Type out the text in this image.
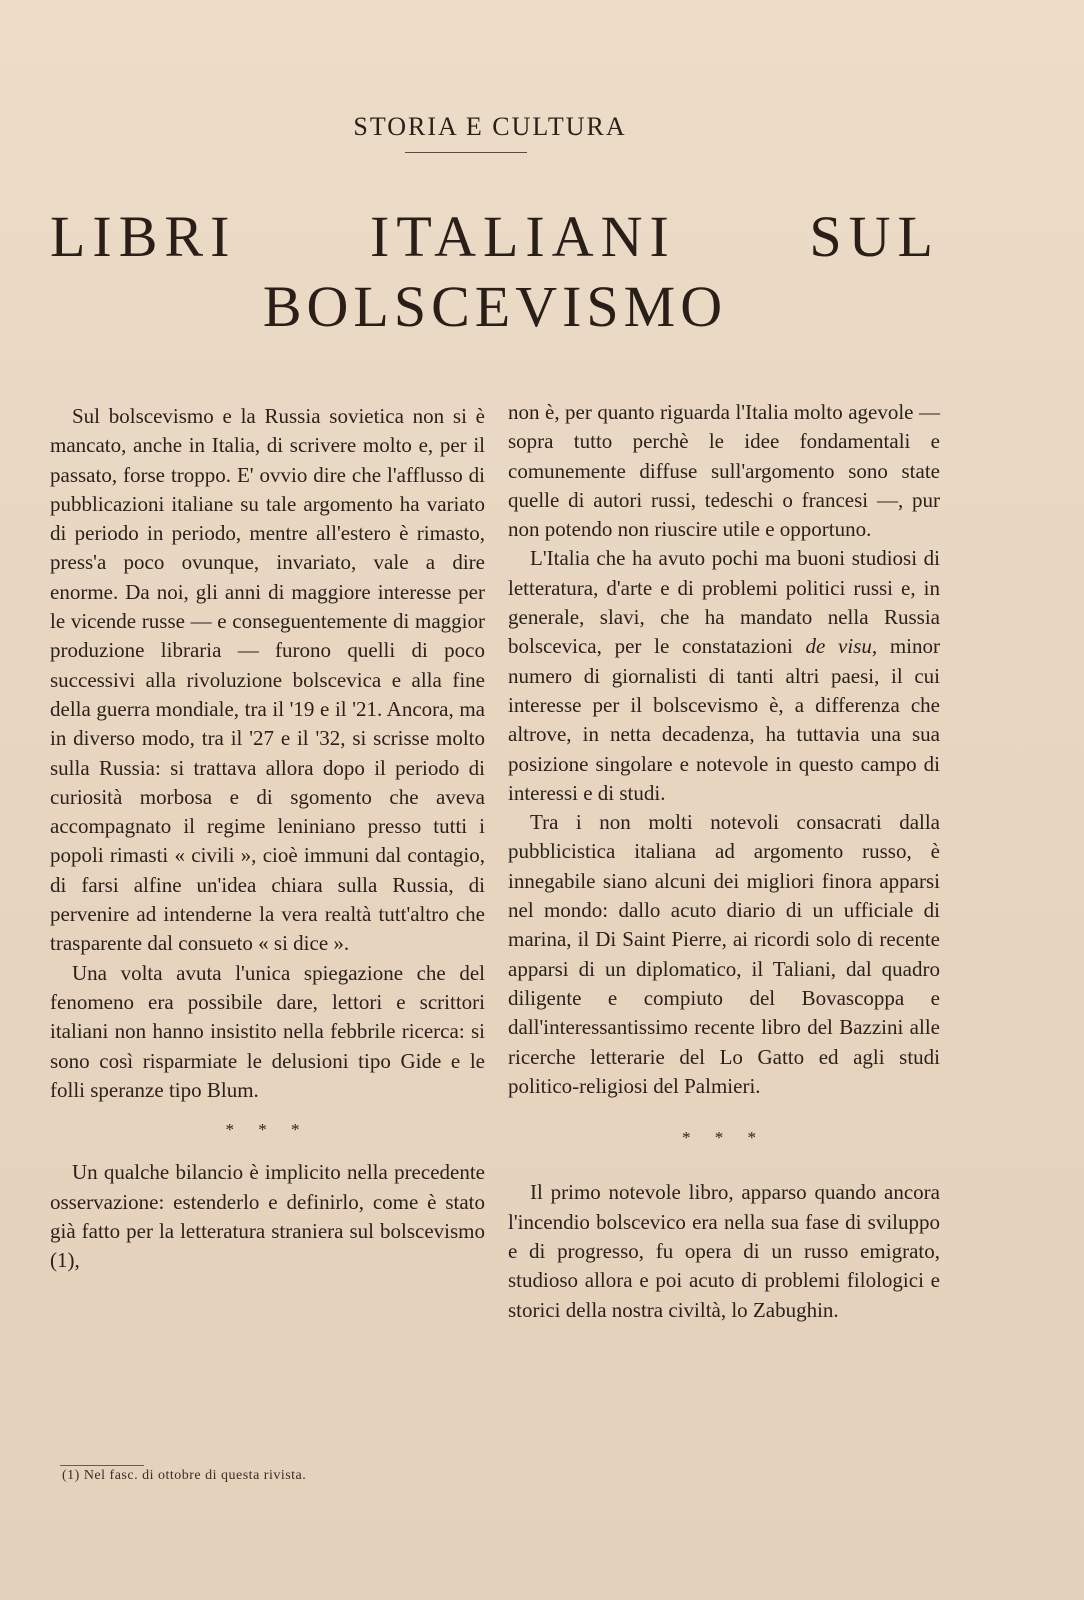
STORIA E CULTURA
LIBRI ITALIANI SUL
BOLSCEVISMO

Sul bolscevismo e la Russia sovietica non si è mancato, anche in Italia, di scrivere molto e, per il passato, forse troppo. E' ovvio dire che l'afflusso di pubblicazioni italiane su tale argomento ha variato di periodo in periodo, mentre all'estero è rimasto, press'a poco ovunque, invariato, vale a dire enorme. Da noi, gli anni di maggiore interesse per le vicende russe — e conseguentemente di maggior produzione libraria — furono quelli di poco successivi alla rivoluzione bolscevica e alla fine della guerra mondiale, tra il '19 e il '21. Ancora, ma in diverso modo, tra il '27 e il '32, si scrisse molto sulla Russia: si trattava allora dopo il periodo di curiosità morbosa e di sgomento che aveva accompagnato il regime leniniano presso tutti i popoli rimasti « civili », cioè immuni dal contagio, di farsi alfine un'idea chiara sulla Russia, di pervenire ad intenderne la vera realtà tutt'altro che trasparente dal consueto « si dice ».

Una volta avuta l'unica spiegazione che del fenomeno era possibile dare, lettori e scrittori italiani non hanno insistito nella febbrile ricerca: si sono così risparmiate le delusioni tipo Gide e le folli speranze tipo Blum.

* * *

Un qualche bilancio è implicito nella precedente osservazione: estenderlo e definirlo, come è stato già fatto per la letteratura straniera sul bolscevismo (1),

non è, per quanto riguarda l'Italia molto agevole — sopra tutto perchè le idee fondamentali e comunemente diffuse sull'argomento sono state quelle di autori russi, tedeschi o francesi —, pur non potendo non riuscire utile e opportuno.

L'Italia che ha avuto pochi ma buoni studiosi di letteratura, d'arte e di problemi politici russi e, in generale, slavi, che ha mandato nella Russia bolscevica, per le constatazioni de visu, minor numero di giornalisti di tanti altri paesi, il cui interesse per il bolscevismo è, a differenza che altrove, in netta decadenza, ha tuttavia una sua posizione singolare e notevole in questo campo di interessi e di studi.

Tra i non molti notevoli consacrati dalla pubblicistica italiana ad argomento russo, è innegabile siano alcuni dei migliori finora apparsi nel mondo: dallo acuto diario di un ufficiale di marina, il Di Saint Pierre, ai ricordi solo di recente apparsi di un diplomatico, il Taliani, dal quadro diligente e compiuto del Bovascoppa e dall'interessantissimo recente libro del Bazzini alle ricerche letterarie del Lo Gatto ed agli studi politico-religiosi del Palmieri.

* * *

Il primo notevole libro, apparso quando ancora l'incendio bolscevico era nella sua fase di sviluppo e di progresso, fu opera di un russo emigrato, studioso allora e poi acuto di problemi filologici e storici della nostra civiltà, lo Zabughin.

(1) Nel fasc. di ottobre di questa rivista.
